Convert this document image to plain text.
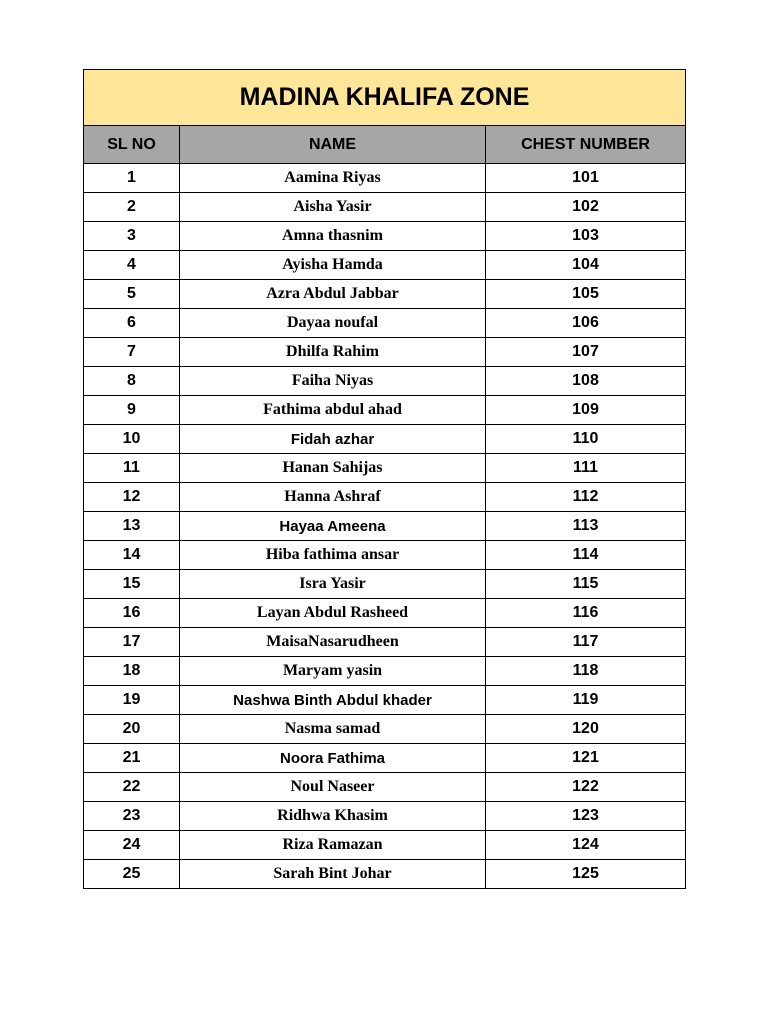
MADINA KHALIFA ZONE		
SL NO	NAME	CHEST NUMBER
1	Aamina Riyas	101
2	Aisha Yasir	102
3	Amna thasnim	103
4	Ayisha Hamda	104
5	Azra Abdul Jabbar	105
6	Dayaa noufal	106
7	Dhilfa Rahim	107
8	Faiha Niyas	108
9	Fathima abdul ahad	109
10	Fidah azhar	110
11	Hanan Sahijas	111
12	Hanna Ashraf	112
13	Hayaa Ameena	113
14	Hiba fathima ansar	114
15	Isra Yasir	115
16	Layan Abdul Rasheed	116
17	MaisaNasarudheen	117
18	Maryam yasin	118
19	Nashwa Binth Abdul khader	119
20	Nasma samad	120
21	Noora Fathima	121
22	Noul Naseer	122
23	Ridhwa Khasim	123
24	Riza Ramazan	124
25	Sarah Bint Johar	125
